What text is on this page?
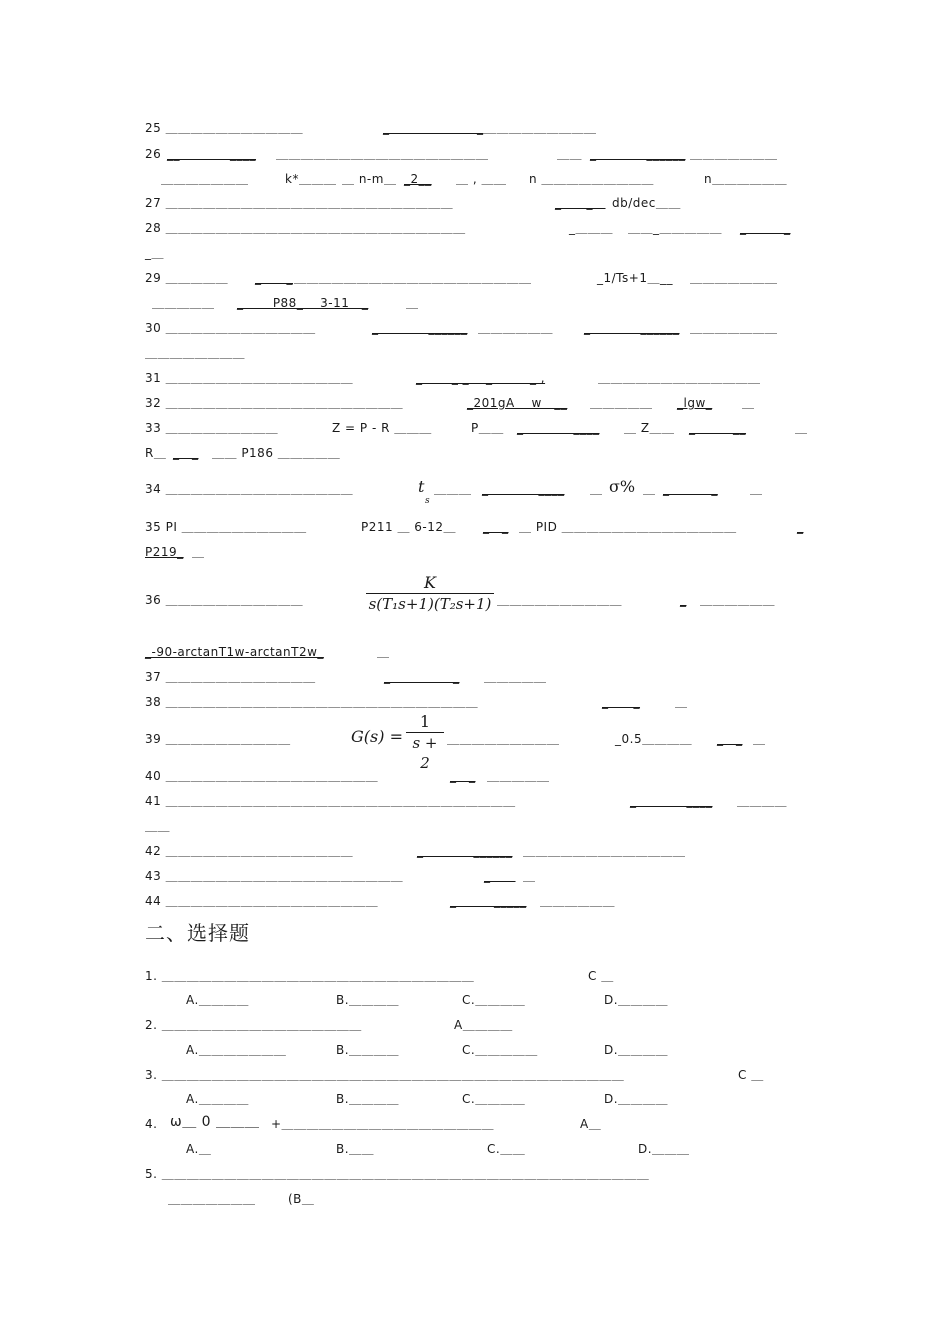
25 ＿＿＿＿＿＿＿＿＿＿＿	_＿＿＿＿＿＿＿_ ＿＿＿＿＿＿＿＿＿
26 __＿＿＿＿____ ＿＿＿＿＿＿＿＿＿＿＿＿＿＿＿＿＿	＿＿ _＿＿＿＿______ ＿＿＿＿＿＿＿
＿＿＿＿＿＿＿	k*＿＿＿ ＿ n-m＿ _2__ ＿ , ＿＿ n ＿＿＿＿＿＿＿＿＿	n＿＿＿＿＿＿
27 ＿＿＿＿＿＿＿＿＿＿＿＿＿＿＿＿＿＿＿＿＿＿＿	_＿＿_＿ db/dec＿＿
28 ＿＿＿＿＿＿＿＿＿＿＿＿＿＿＿＿＿＿＿＿＿＿＿＿	_＿＿＿ ＿＿_＿＿＿＿＿ _＿＿＿_
_＿
29 ＿＿＿＿＿ _＿＿_ ＿＿＿＿＿＿＿＿＿＿＿＿＿＿＿＿＿＿＿	_1/Ts+1＿__ ＿＿＿＿＿＿＿
＿＿＿＿＿ _＿＿ P88_＿ 3-11＿_	＿
30 ＿＿＿＿＿＿＿＿＿＿＿＿	_＿＿＿＿______ ＿＿＿＿＿＿	_＿＿＿＿______ ＿＿＿＿＿＿＿
＿＿＿＿＿＿＿＿
31 ＿＿＿＿＿＿＿＿＿＿＿＿＿＿＿	_＿＿ _ _＿ _＿＿＿_ ,	＿＿＿＿＿＿＿＿＿＿＿＿＿
32 ＿＿＿＿＿＿＿＿＿＿＿＿＿＿＿＿＿＿＿	_201gA＿ w＿__ ＿＿＿＿＿ _lgw_ ＿
33 ＿＿＿＿＿＿＿＿＿	Z = P - R ＿＿＿	P＿＿ _＿＿＿＿____ ＿ Z＿＿ _＿＿＿__	＿
R＿ _＿_ ＿＿ P186 ＿＿＿＿＿
34 ＿＿＿＿＿＿＿＿＿＿＿＿＿＿＿	t
s
＿＿＿ _＿＿＿＿____ ＿ σ% ＿ _ ＿＿＿_	＿
35 PI ＿＿＿＿＿＿＿＿＿＿	P211 ＿ 6-12＿ _＿_ ＿ PID ＿＿＿＿＿＿＿＿＿＿＿＿＿＿	_
P219_ ＿
36 ＿＿＿＿＿＿＿＿＿＿＿
K
s(T₁s+1)(T₂s+1) ＿＿＿＿＿＿＿＿＿＿	_ ＿＿＿＿＿＿
_-90-arctanT1w-arctanT2w_	＿
37 ＿＿＿＿＿＿＿＿＿＿＿＿	_＿＿＿＿＿_ ＿＿＿＿＿
38 ＿＿＿＿＿＿＿＿＿＿＿＿＿＿＿＿＿＿＿＿＿＿＿＿＿	_＿＿_	＿
39 ＿＿＿＿＿＿＿＿＿＿	G(s) =
1
s + 2
＿＿＿＿＿＿＿＿＿	_0.5＿＿＿＿ _＿_ ＿
40 ＿＿＿＿＿＿＿＿＿＿＿＿＿＿＿＿＿	_＿_ ＿＿＿＿＿
41 ＿＿＿＿＿＿＿＿＿＿＿＿＿＿＿＿＿＿＿＿＿＿＿＿＿＿＿＿	_＿＿＿＿____ ＿＿＿＿
＿＿
42 ＿＿＿＿＿＿＿＿＿＿＿＿＿＿＿	_＿＿＿＿______ ＿＿＿＿＿＿＿＿＿＿＿＿＿
43 ＿＿＿＿＿＿＿＿＿＿＿＿＿＿＿＿＿＿＿	_＿＿ ＿
44 ＿＿＿＿＿＿＿＿＿＿＿＿＿＿＿＿＿	_＿＿＿_____ ＿＿＿＿＿＿
二、选择题
1. ＿＿＿＿＿＿＿＿＿＿＿＿＿＿＿＿＿＿＿＿＿＿＿＿＿	C ＿
A.＿＿＿＿	B.＿＿＿＿	C.＿＿＿＿	D.＿＿＿＿
2. ＿＿＿＿＿＿＿＿＿＿＿＿＿＿＿＿	A＿＿＿＿
A.＿＿＿＿＿＿＿	B.＿＿＿＿	C.＿＿＿＿＿	D.＿＿＿＿
3. ＿＿＿＿＿＿＿＿＿＿＿＿＿＿＿＿＿＿＿＿＿＿＿＿＿＿＿＿＿＿＿＿＿＿＿＿＿	C ＿
A.＿＿＿＿	B.＿＿＿＿	C.＿＿＿＿	D.＿＿＿＿
4. ω＿ 0 ＿＿＿ +＿＿＿＿＿＿＿＿＿＿＿＿＿＿＿＿＿	A＿
A.＿	B.＿＿	C.＿＿	D.＿＿＿
5. ＿＿＿＿＿＿＿＿＿＿＿＿＿＿＿＿＿＿＿＿＿＿＿＿＿＿＿＿＿＿＿＿＿＿＿＿＿＿＿
＿＿＿＿＿＿＿	(B＿
